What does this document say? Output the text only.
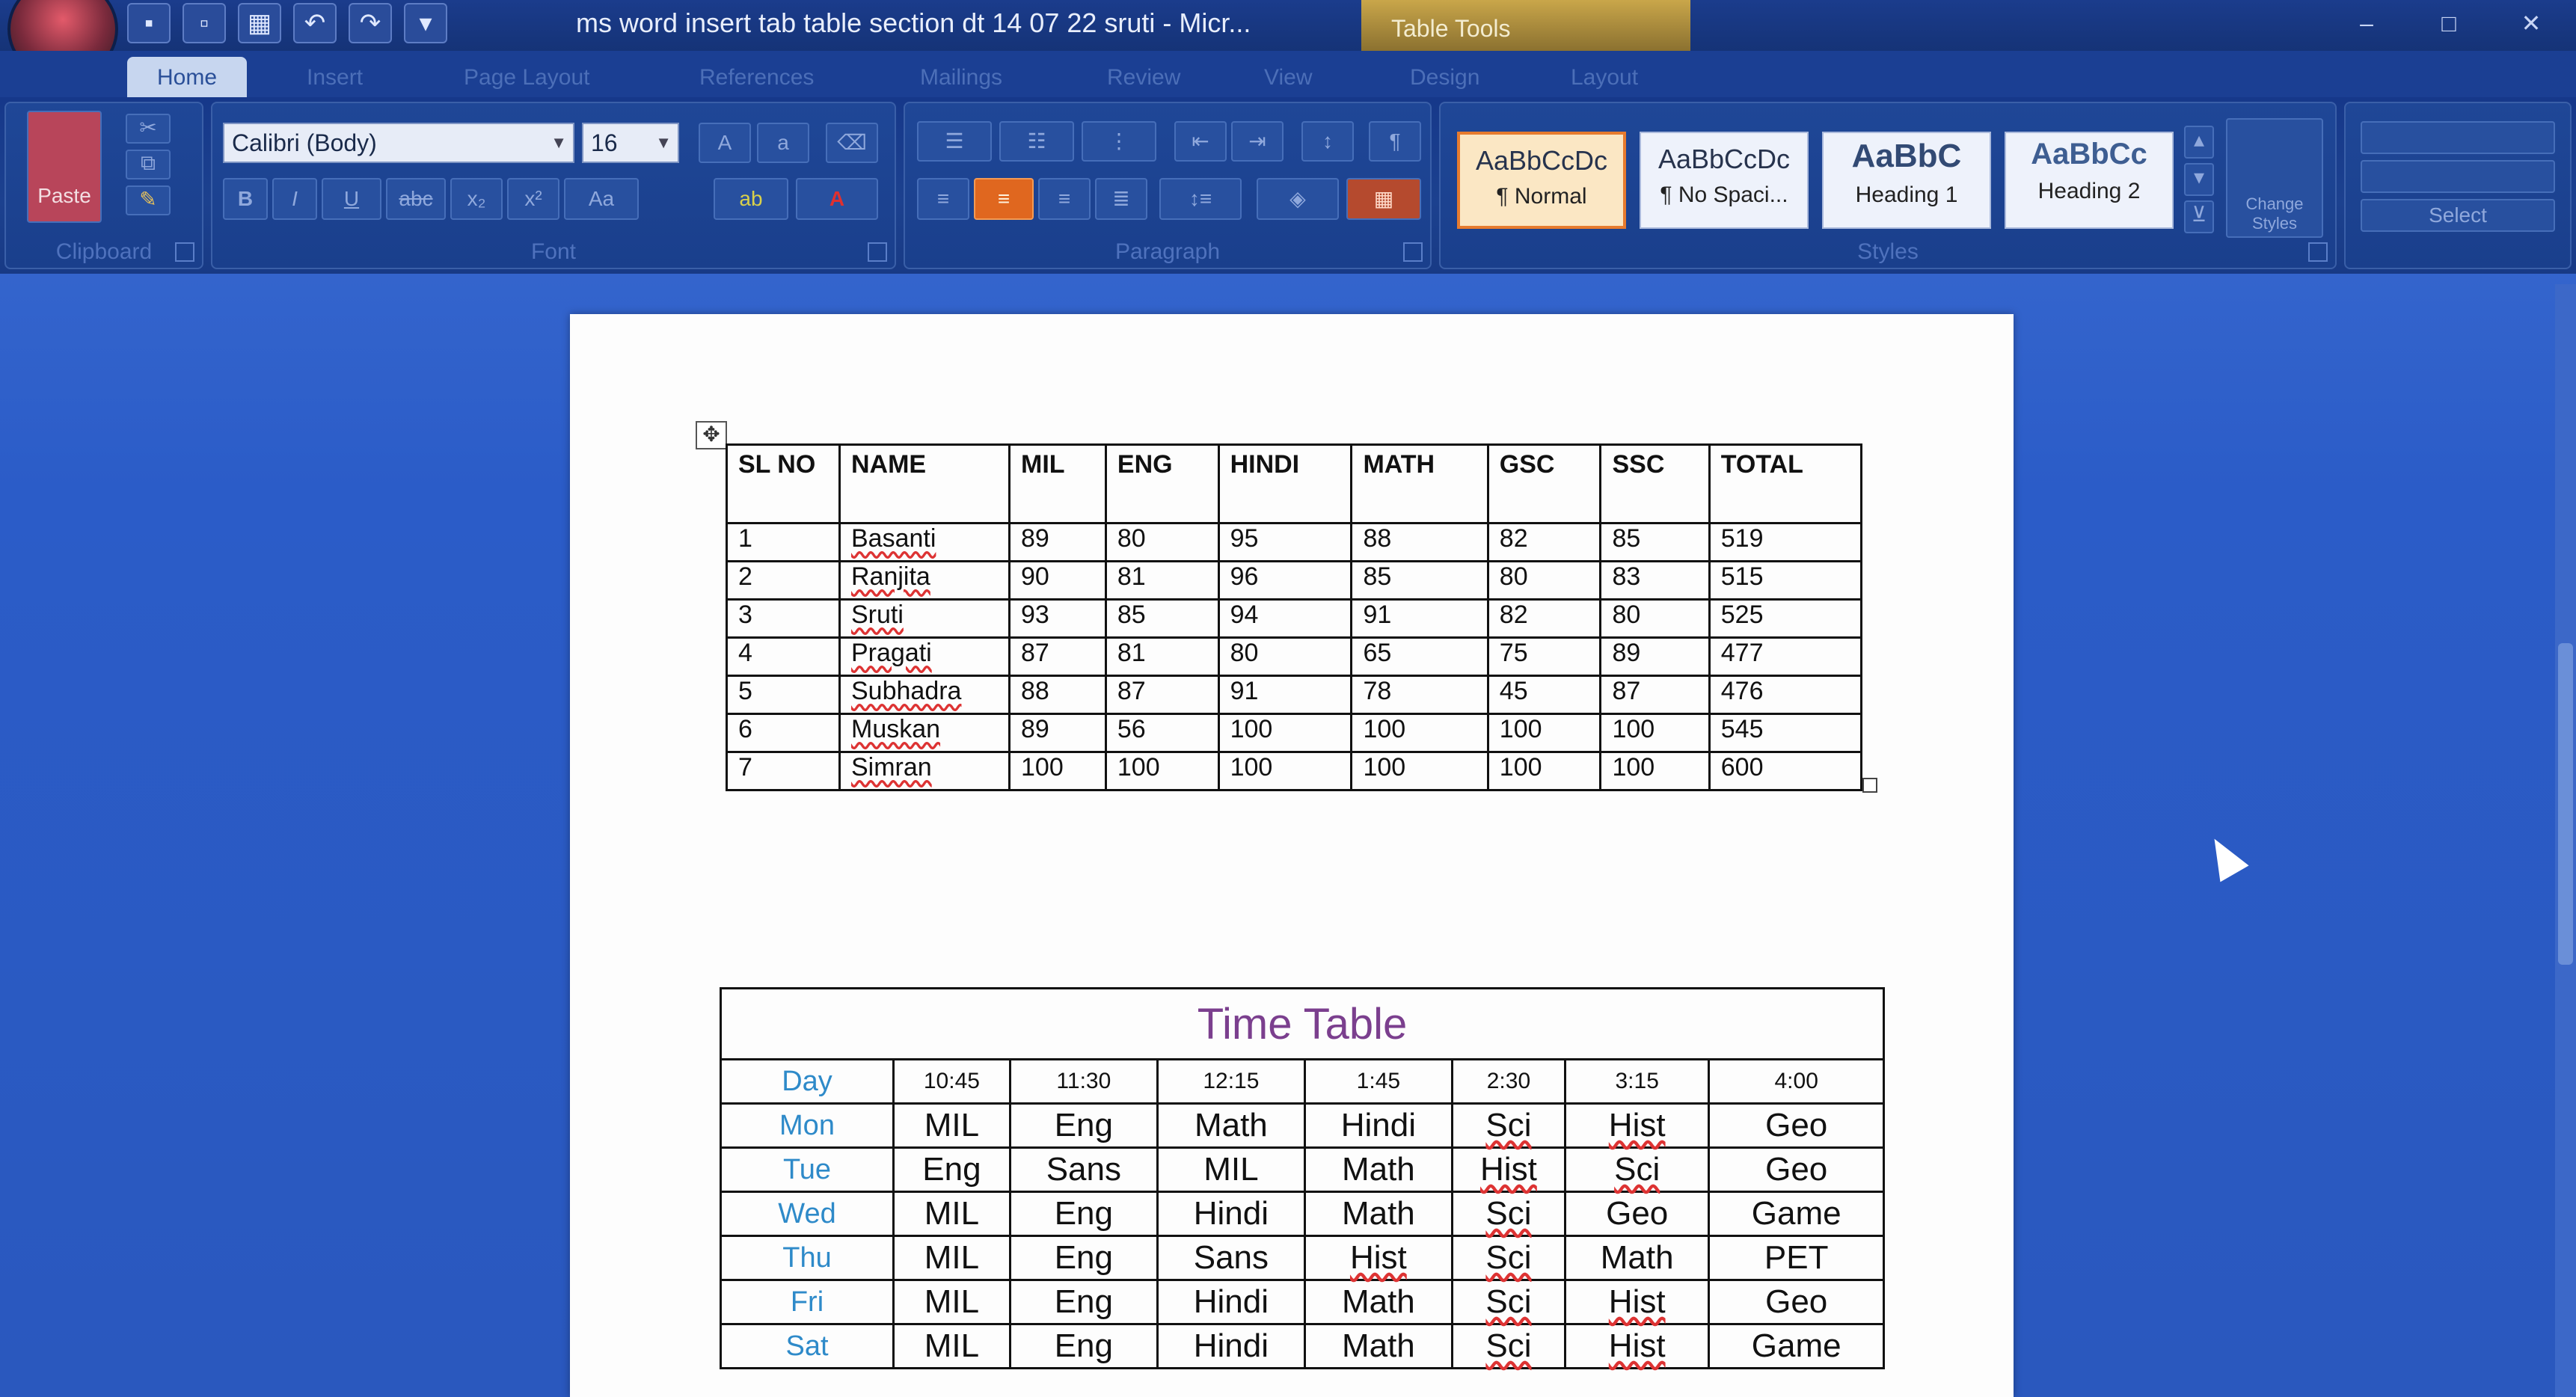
▪	▫	▦	↶	↷	▾	ms word insert tab table section dt 14 07 22 sruti - Micr...	Table Tools	–	□	✕
Home	Insert	Page Layout	References	Mailings	Review	View	Design	Layout
Paste
✂
⧉
✎
Clipboard
Calibri (Body)	▼	16 ▼	A	a	⌫
B	I	U	abc	x₂	x²	Aa	ab	A
Font
☰	☷	⋮	⇤	⇥	↕	¶
≡	≡	≡	≣	↕≡	◈	▦
Paragraph
AaBbCcDc
¶ Normal
AaBbCcDc
¶ No Spaci...
AaBbC
Heading 1
AaBbCc
Heading 2
▴
▾
⊻	Change Styles
Styles
Select
✥
SL NO	NAME	MIL	ENG	HINDI	MATH	GSC	SSC	TOTAL
1	Basanti	89	80	95	88	82	85	519
2	Ranjita	90	81	96	85	80	83	515
3	Sruti	93	85	94	91	82	80	525
4	Pragati	87	81	80	65	75	89	477
5	Subhadra	88	87	91	78	45	87	476
6	Muskan	89	56	100	100	100	100	545
7	Simran	100	100	100	100	100	100	600
Time Table							
Day	10:45	11:30	12:15	1:45	2:30	3:15	4:00
Mon	MIL	Eng	Math	Hindi	Sci	Hist	Geo
Tue	Eng	Sans	MIL	Math	Hist	Sci	Geo
Wed	MIL	Eng	Hindi	Math	Sci	Geo	Game
Thu	MIL	Eng	Sans	Hist	Sci	Math	PET
Fri	MIL	Eng	Hindi	Math	Sci	Hist	Geo
Sat	MIL	Eng	Hindi	Math	Sci	Hist	Game
